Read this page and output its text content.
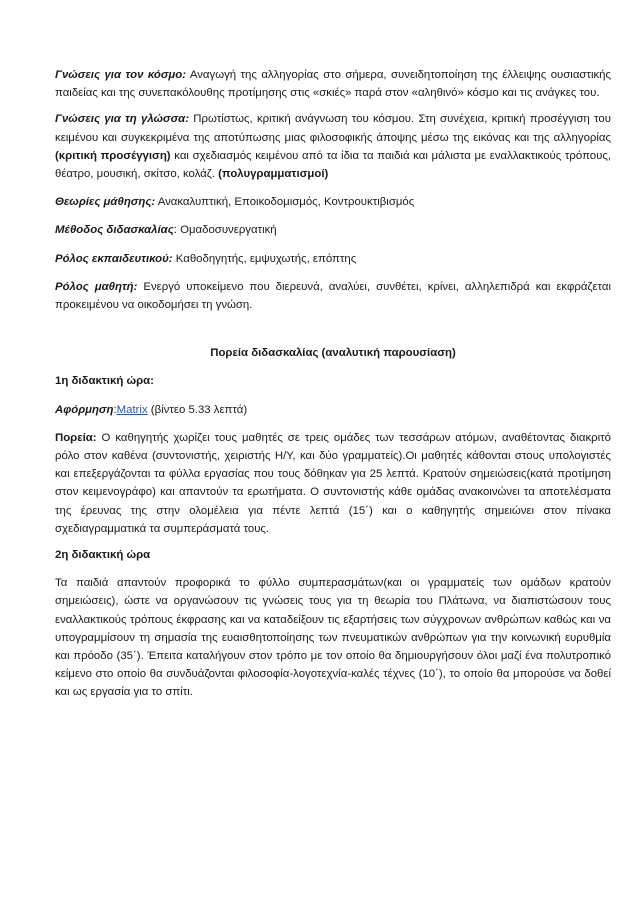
Γνώσεις για τον κόσμο: Αναγωγή της αλληγορίας στο σήμερα, συνειδητοποίηση της έλλειψης ουσιαστικής παιδείας και της συνεπακόλουθης προτίμησης στις «σκιές» παρά στον «αληθινό» κόσμο και τις ανάγκες του.

Γνώσεις για τη γλώσσα: Πρωτίστως, κριτική ανάγνωση του κόσμου. Στη συνέχεια, κριτική προσέγγιση του κειμένου και συγκεκριμένα της αποτύπωσης μιας φιλοσοφικής άποψης μέσω της εικόνας και της αλληγορίας (κριτική προσέγγιση) και σχεδιασμός κειμένου από τα ίδια τα παιδιά και μάλιστα με εναλλακτικούς τρόπους, θέατρο, μουσική, σκίτσο, κολάζ. (πολυγραμματισμοί)

Θεωρίες μάθησης: Ανακαλυπτική, Εποικοδομισμός, Κοντρουκτιβισμός

Μέθοδος διδασκαλίας: Ομαδοσυνεργατική

Ρόλος εκπαιδευτικού: Καθοδηγητής, εμψυχωτής, επόπτης

Ρόλος μαθητή: Ενεργό υποκείμενο που διερευνά, αναλύει, συνθέτει, κρίνει, αλληλεπιδρά και εκφράζεται προκειμένου να οικοδομήσει τη γνώση.

Πορεία διδασκαλίας (αναλυτική παρουσίαση)

1η διδακτική ώρα:

Αφόρμηση:Matrix (βίντεο 5.33 λεπτά)

Πορεία: Ο καθηγητής χωρίζει τους μαθητές σε τρεις ομάδες των τεσσάρων ατόμων, αναθέτοντας διακριτό ρόλο στον καθένα (συντονιστής, χειριστής Η/Υ, και δύο γραμματείς).Οι μαθητές κάθονται στους υπολογιστές και επεξεργάζονται τα φύλλα εργασίας που τους δόθηκαν για 25 λεπτά. Κρατούν σημειώσεις(κατά προτίμηση στον κειμενογράφο) και απαντούν τα ερωτήματα. Ο συντονιστής κάθε ομάδας ανακοινώνει τα αποτελέσματα της έρευνας της στην ολομέλεια για πέντε λεπτά (15΄) και ο καθηγητής σημειώνει στον πίνακα σχεδιαγραμματικά τα συμπεράσματά τους.

2η διδακτική ώρα

Τα παιδιά απαντούν προφορικά το φύλλο συμπερασμάτων(και οι γραμματείς των ομάδων κρατούν σημειώσεις), ώστε να οργανώσουν τις γνώσεις τους για τη θεωρία του Πλάτωνα, να διαπιστώσουν τους εναλλακτικούς τρόπους έκφρασης και να καταδείξουν τις εξαρτήσεις των σύγχρονων ανθρώπων καθώς και να υπογραμμίσουν τη σημασία της ευαισθητοποίησης των πνευματικών ανθρώπων για την κοινωνική ευρυθμία και πρόοδο (35΄). Έπειτα καταλήγουν στον τρόπο με τον οποίο θα δημιουργήσουν όλοι μαζί ένα πολυτροπικό κείμενο στο οποίο θα συνδυάζονται φιλοσοφία-λογοτεχνία-καλές τέχνες (10΄), το οποίο θα μπορούσε να δοθεί και ως εργασία για το σπίτι.
